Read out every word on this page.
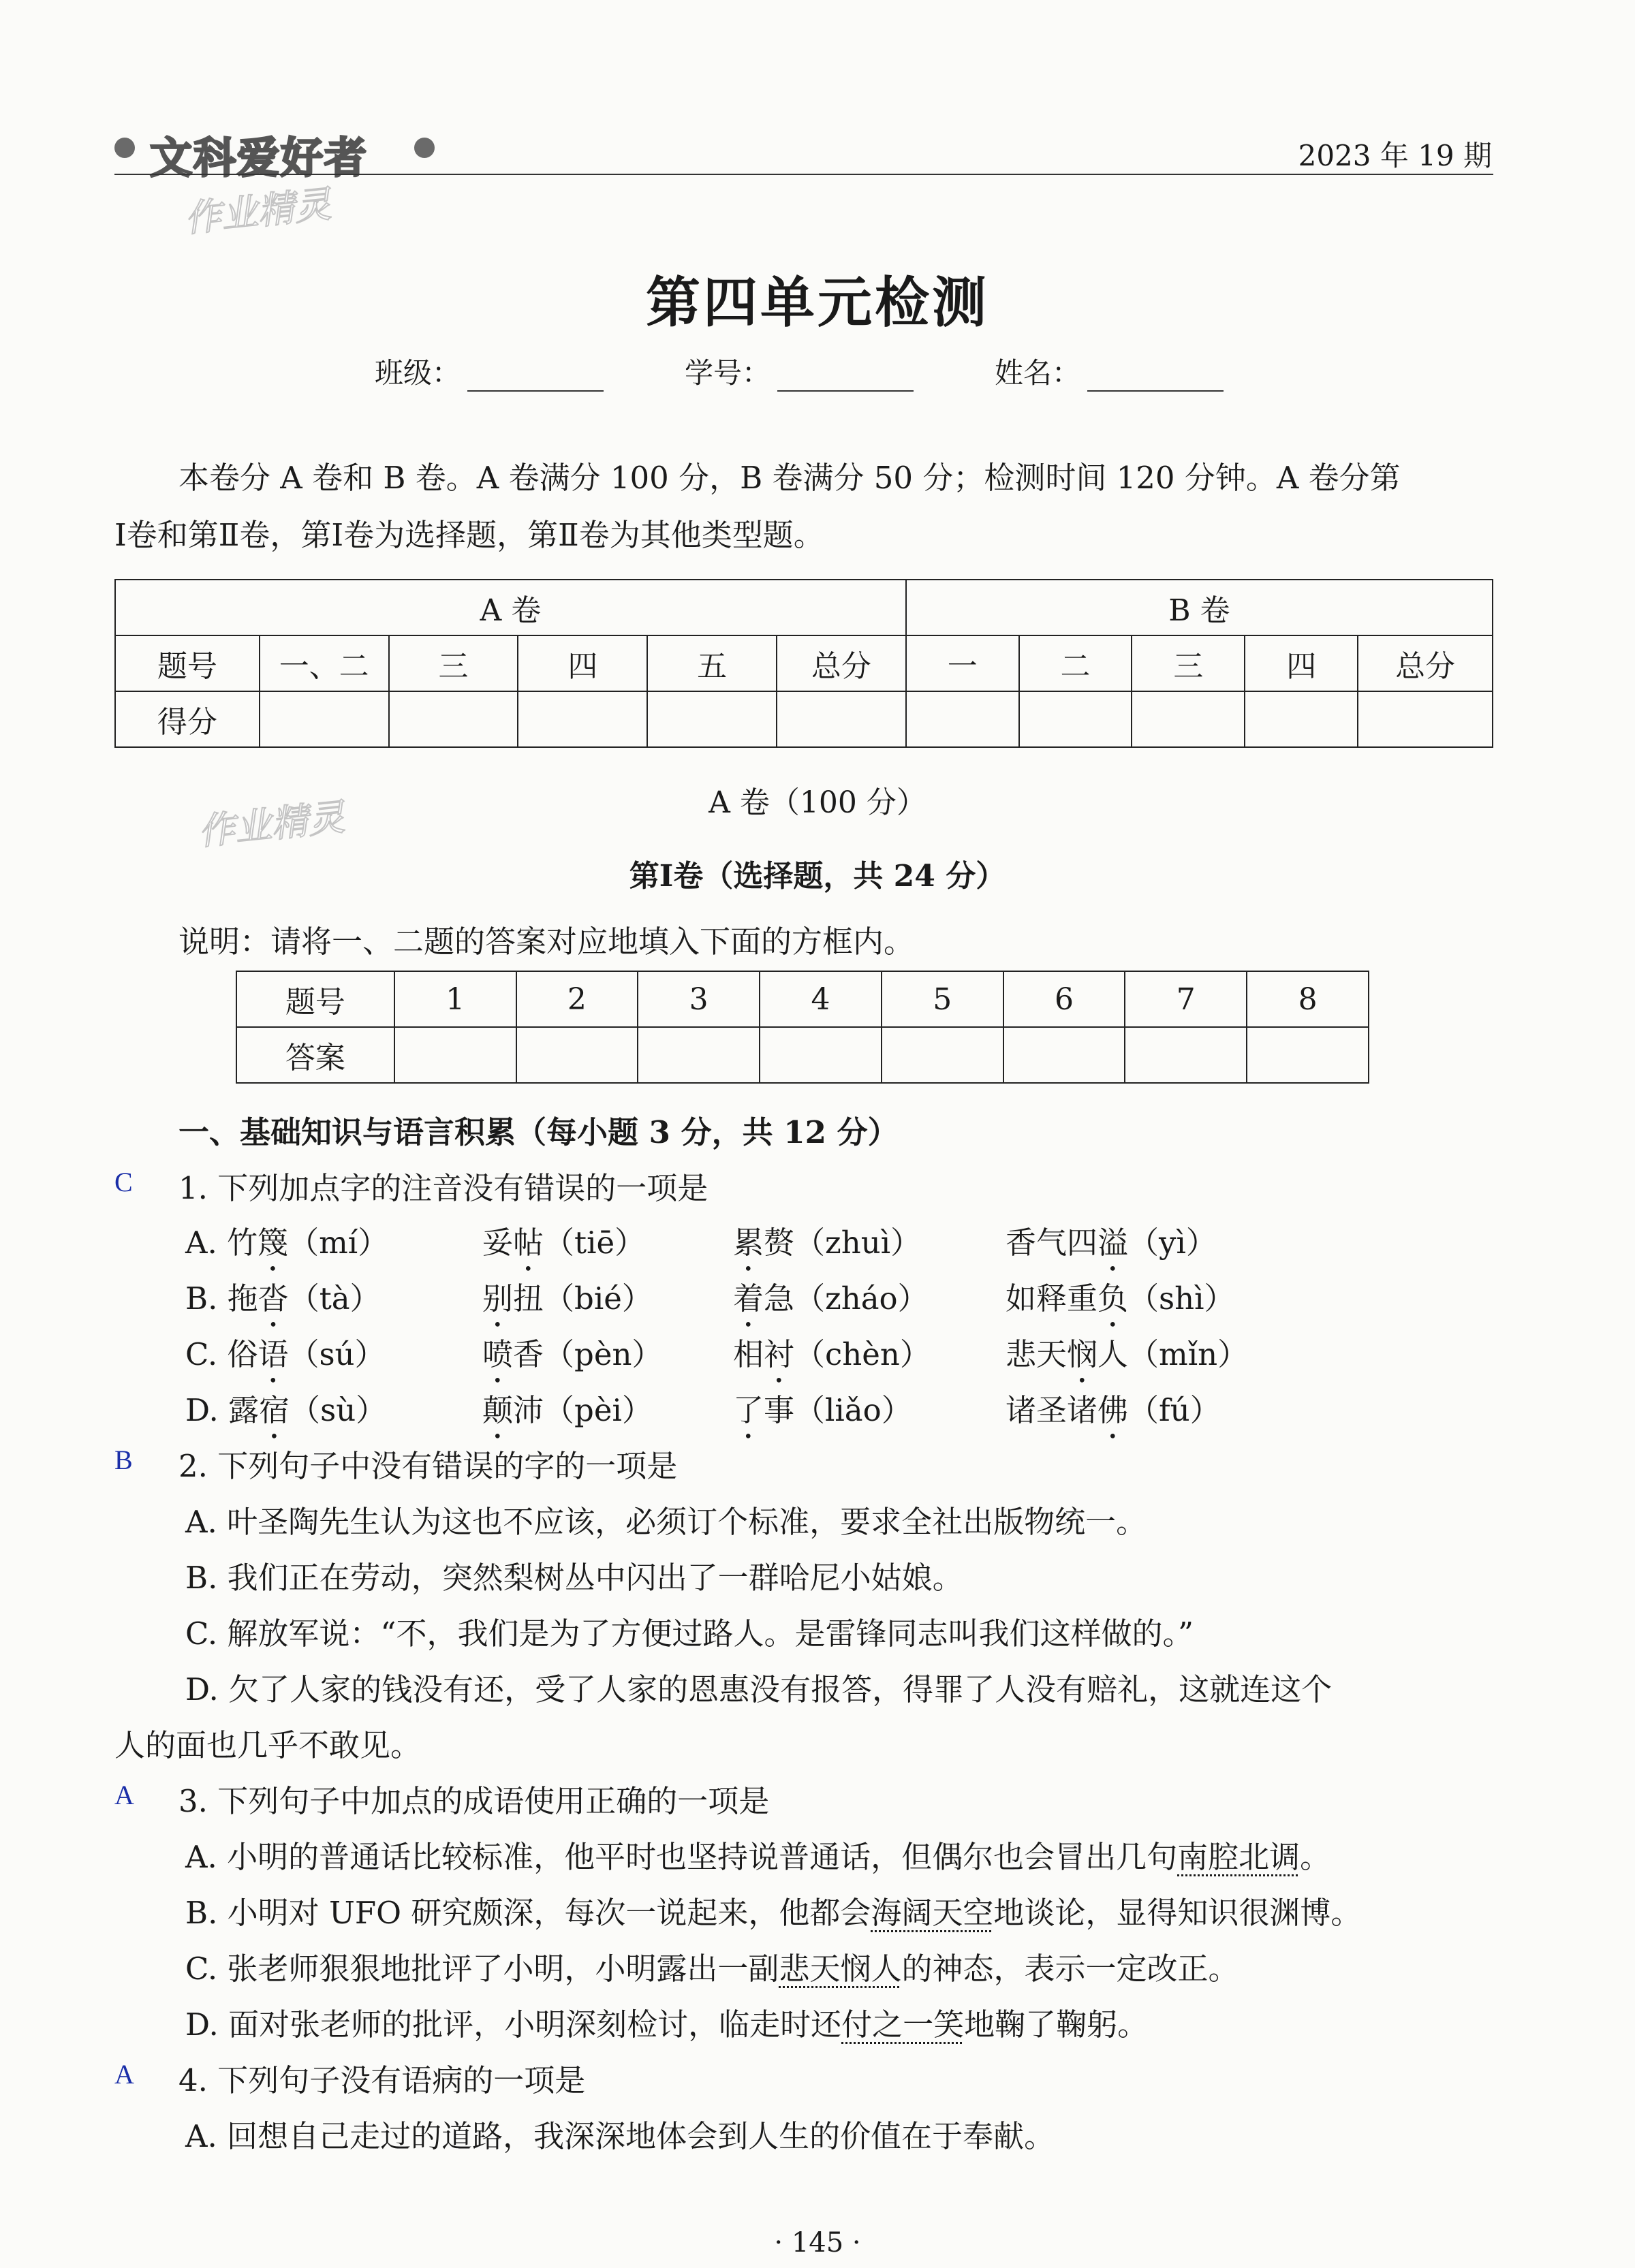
文科爱好者	2023 年 19 期
作业精灵
作业精灵
第四单元检测
班级：	学号：	姓名：
本卷分 A 卷和 B 卷。A 卷满分 100 分，B 卷满分 50 分；检测时间 120 分钟。A 卷分第
Ⅰ卷和第Ⅱ卷，第Ⅰ卷为选择题，第Ⅱ卷为其他类型题。
A 卷						B 卷				
题号	一、二	三	四	五	总分	一	二	三	四	总分
得分										
A 卷（100 分）
第Ⅰ卷（选择题，共 24 分）
说明：请将一、二题的答案对应地填入下面的方框内。
题号	1	2	3	4	5	6	7	8
答案								
一、基础知识与语言积累（每小题 3 分，共 12 分）
C 1. 下列加点字的注音没有错误的一项是
A. 竹篾（mí）	妥帖（tiē）	累赘（zhuì）	香气四溢（yì）
B. 拖沓（tà）	别扭（bié）	着急（zháo）	如释重负（shì）
C. 俗语（sú）	喷香（pèn） 相衬（chèn） 悲天悯人（mǐn）
D. 露宿（sù）	颠沛（pèi）	了事（liǎo）	诸圣诸佛（fú）
B 2. 下列句子中没有错误的字的一项是
A. 叶圣陶先生认为这也不应该，必须订个标准，要求全社出版物统一。
B. 我们正在劳动，突然梨树丛中闪出了一群哈尼小姑娘。
C. 解放军说：“不，我们是为了方便过路人。是雷锋同志叫我们这样做的。”
D. 欠了人家的钱没有还，受了人家的恩惠没有报答，得罪了人没有赔礼，这就连这个
人的面也几乎不敢见。
A 3. 下列句子中加点的成语使用正确的一项是
A. 小明的普通话比较标准，他平时也坚持说普通话，但偶尔也会冒出几句南腔北调。
B. 小明对 UFO 研究颇深，每次一说起来，他都会海阔天空地谈论，显得知识很渊博。
C. 张老师狠狠地批评了小明，小明露出一副悲天悯人的神态，表示一定改正。
D. 面对张老师的批评，小明深刻检讨，临走时还付之一笑地鞠了鞠躬。
A 4. 下列句子没有语病的一项是
A. 回想自己走过的道路，我深深地体会到人生的价值在于奉献。
· 145 ·
